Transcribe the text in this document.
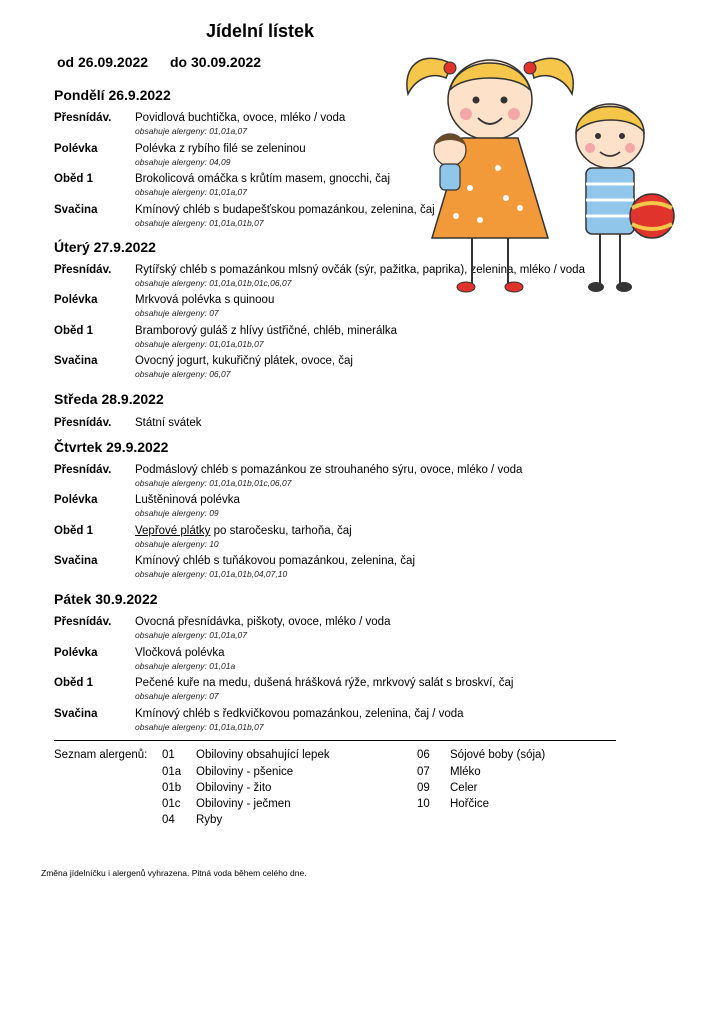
Jídelní lístek
od 26.09.2022 do 30.09.2022
Pondělí 26.9.2022
Přesnídáv. Povidlová buchtička, ovoce, mléko / voda
obsahuje alergeny: 01,01a,07
Polévka	Polévka z rybího filé se zeleninou
obsahuje alergeny: 04,09
Oběd 1	Brokolicová omáčka s krůtím masem, gnocchi, čaj
obsahuje alergeny: 01,01a,07
Svačina	Kmínový chléb s budapešťskou pomazánkou, zelenina, čaj
obsahuje alergeny: 01,01a,01b,07
Úterý 27.9.2022
Přesnídáv. Rytířský chléb s pomazánkou mlsný ovčák (sýr, pažitka, paprika), zelenina, mléko / voda
obsahuje alergeny: 01,01a,01b,01c,06,07
Polévka	Mrkvová polévka s quinoou
obsahuje alergeny: 07
Oběd 1	Bramborový guláš z hlívy ústřičné, chléb, minerálka
obsahuje alergeny: 01,01a,01b,07
Svačina	Ovocný jogurt, kukuřičný plátek, ovoce, čaj
obsahuje alergeny: 06,07
Středa 28.9.2022
Přesnídáv. Státní svátek
Čtvrtek 29.9.2022
Přesnídáv. Podmáslový chléb s pomazánkou ze strouhaného sýru, ovoce, mléko / voda
obsahuje alergeny: 01,01a,01b,01c,06,07
Polévka	Luštěninová polévka
obsahuje alergeny: 09
Oběd 1	Vepřové plátky po staročesku, tarhoňa, čaj
obsahuje alergeny: 10
Svačina	Kmínový chléb s tuňákovou pomazánkou, zelenina, čaj
obsahuje alergeny: 01,01a,01b,04,07,10
Pátek 30.9.2022
Přesnídáv. Ovocná přesnídávka, piškoty, ovoce, mléko / voda
obsahuje alergeny: 01,01a,07
Polévka	Vločková polévka
obsahuje alergeny: 01,01a
Oběd 1	Pečené kuře na medu, dušená hrášková rýže, mrkvový salát s broskví, čaj
obsahuje alergeny: 07
Svačina	Kmínový chléb s ředkvičkovou pomazánkou, zelenina, čaj / voda
obsahuje alergeny: 01,01a,01b,07
Seznam alergenů: 01 Obiloviny obsahující lepek
01a Obiloviny - pšenice
01b Obiloviny - žito
01c Obiloviny - ječmen
04 Ryby
06 Sójové boby (sója)
07 Mléko
09 Celer
10 Hořčice
Změna jídelníčku i alergenů vyhrazena. Pitná voda během celého dne.
